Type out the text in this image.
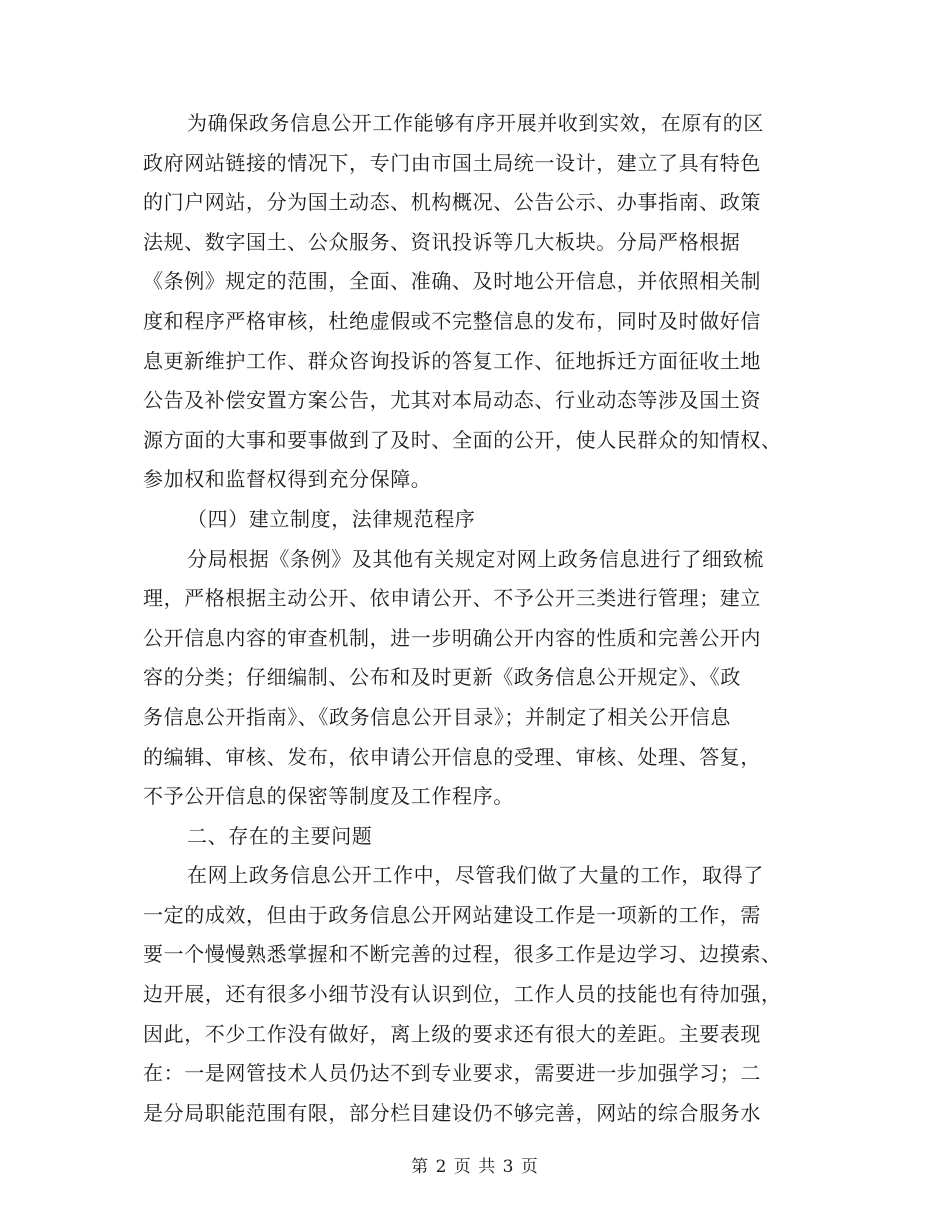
为确保政务信息公开工作能够有序开展并收到实效，在原有的区
政府网站链接的情况下，专门由市国土局统一设计，建立了具有特色
的门户网站，分为国土动态、机构概况、公告公示、办事指南、政策
法规、数字国土、公众服务、资讯投诉等几大板块。分局严格根据
《条例》规定的范围，全面、准确、及时地公开信息，并依照相关制
度和程序严格审核，杜绝虚假或不完整信息的发布，同时及时做好信
息更新维护工作、群众咨询投诉的答复工作、征地拆迁方面征收土地
公告及补偿安置方案公告，尤其对本局动态、行业动态等涉及国土资
源方面的大事和要事做到了及时、全面的公开，使人民群众的知情权、
参加权和监督权得到充分保障。
（四）建立制度，法律规范程序
分局根据《条例》及其他有关规定对网上政务信息进行了细致梳
理，严格根据主动公开、依申请公开、不予公开三类进行管理；建立
公开信息内容的审查机制，进一步明确公开内容的性质和完善公开内
容的分类；仔细编制、公布和及时更新《政务信息公开规定》、《政
务信息公开指南》、《政务信息公开目录》；并制定了相关公开信息
的编辑、审核、发布，依申请公开信息的受理、审核、处理、答复，
不予公开信息的保密等制度及工作程序。
二、存在的主要问题
在网上政务信息公开工作中，尽管我们做了大量的工作，取得了
一定的成效，但由于政务信息公开网站建设工作是一项新的工作，需
要一个慢慢熟悉掌握和不断完善的过程，很多工作是边学习、边摸索、
边开展，还有很多小细节没有认识到位，工作人员的技能也有待加强，
因此，不少工作没有做好，离上级的要求还有很大的差距。主要表现
在：一是网管技术人员仍达不到专业要求，需要进一步加强学习；二
是分局职能范围有限，部分栏目建设仍不够完善，网站的综合服务水
第 2 页 共 3 页
